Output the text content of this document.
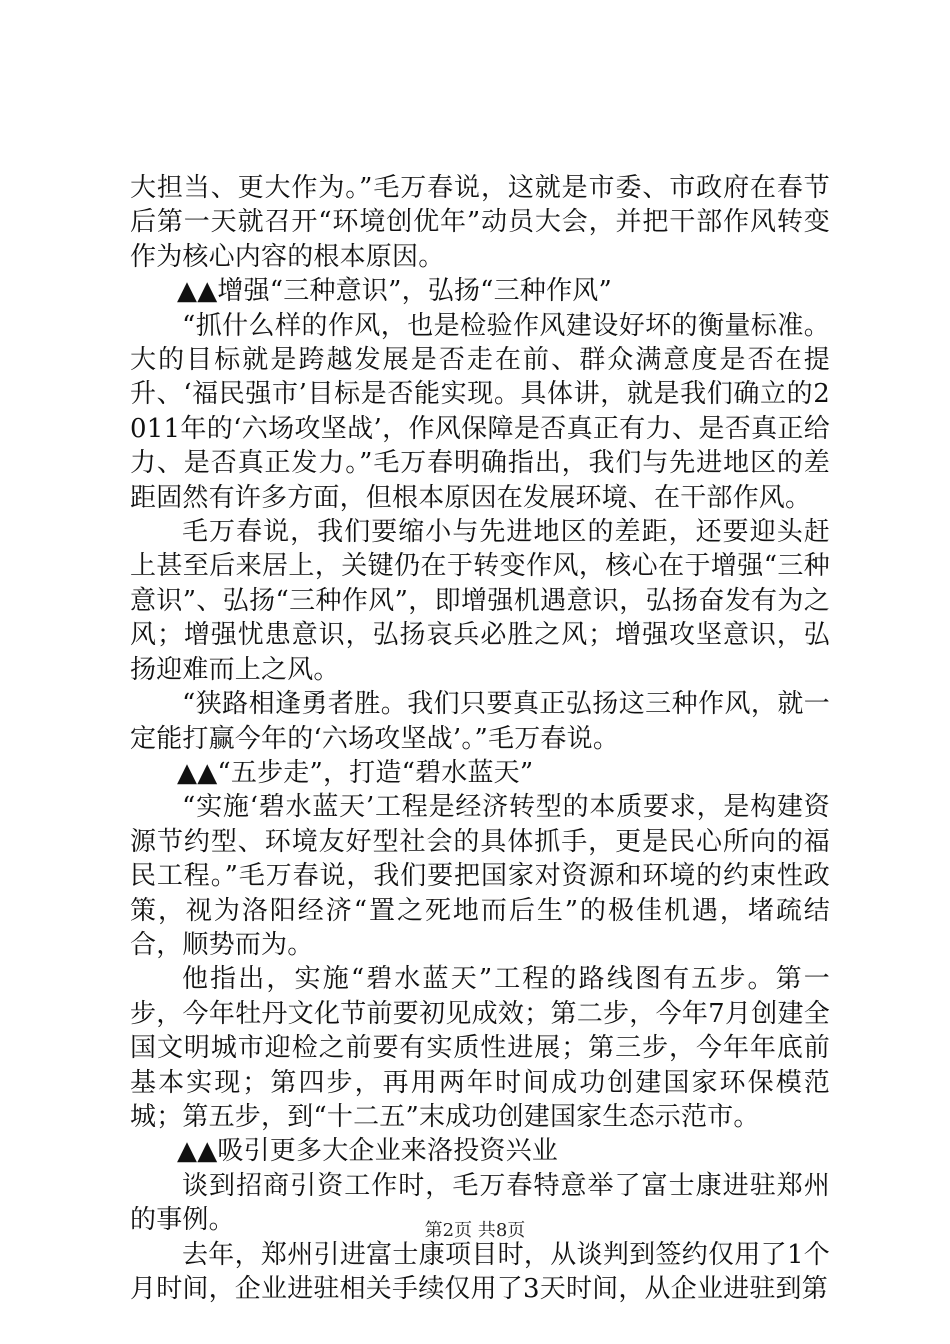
大担当、更大作为。”毛万春说，这就是市委、市政府在春节后第一天就召开“环境创优年”动员大会，并把干部作风转变作为核心内容的根本原因。

▲▲增强“三种意识”，弘扬“三种作风”

“抓什么样的作风，也是检验作风建设好坏的衡量标准。大的目标就是跨越发展是否走在前、群众满意度是否在提升、‘福民强市’目标是否能实现。具体讲，就是我们确立的2011年的‘六场攻坚战’，作风保障是否真正有力、是否真正给力、是否真正发力。”毛万春明确指出，我们与先进地区的差距固然有许多方面，但根本原因在发展环境、在干部作风。

毛万春说，我们要缩小与先进地区的差距，还要迎头赶上甚至后来居上，关键仍在于转变作风，核心在于增强“三种意识”、弘扬“三种作风”，即增强机遇意识，弘扬奋发有为之风；增强忧患意识，弘扬哀兵必胜之风；增强攻坚意识，弘扬迎难而上之风。

“狭路相逢勇者胜。我们只要真正弘扬这三种作风，就一定能打赢今年的‘六场攻坚战’。”毛万春说。

▲▲“五步走”，打造“碧水蓝天”

“实施‘碧水蓝天’工程是经济转型的本质要求，是构建资源节约型、环境友好型社会的具体抓手，更是民心所向的福民工程。”毛万春说，我们要把国家对资源和环境的约束性政策，视为洛阳经济“置之死地而后生”的极佳机遇，堵疏结合，顺势而为。

他指出，实施“碧水蓝天”工程的路线图有五步。第一步，今年牡丹文化节前要初见成效；第二步，今年7月创建全国文明城市迎检之前要有实质性进展；第三步，今年年底前基本实现；第四步，再用两年时间成功创建国家环保模范城；第五步，到“十二五”末成功创建国家生态示范市。

▲▲吸引更多大企业来洛投资兴业

谈到招商引资工作时，毛万春特意举了富士康进驻郑州的事例。

去年，郑州引进富士康项目时，从谈判到签约仅用了1个月时间，企业进驻相关手续仅用了3天时间，从企业进驻到第

第2页 共8页
